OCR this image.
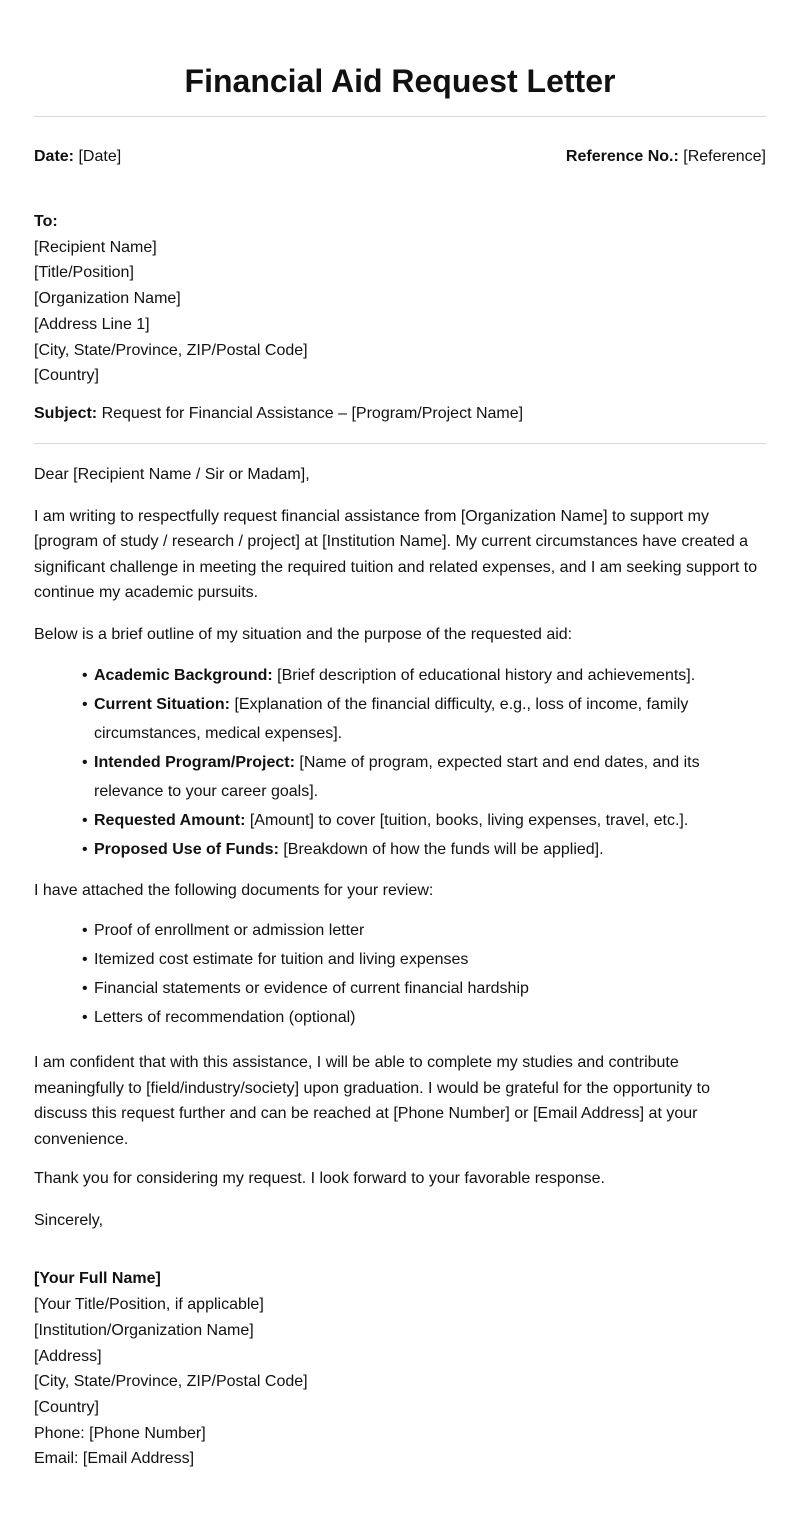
Financial Aid Request Letter
Date: [Date]	Reference No.: [Reference]
To:
[Recipient Name]
[Title/Position]
[Organization Name]
[Address Line 1]
[City, State/Province, ZIP/Postal Code]
[Country]
Subject: Request for Financial Assistance – [Program/Project Name]

Dear [Recipient Name / Sir or Madam],

I am writing to respectfully request financial assistance from [Organization Name] to support my [program of study / research / project] at [Institution Name]. My current circumstances have created a significant challenge in meeting the required tuition and related expenses, and I am seeking support to continue my academic pursuits.

Below is a brief outline of my situation and the purpose of the requested aid:

• Academic Background: [Brief description of educational history and achievements].
• Current Situation: [Explanation of the financial difficulty, e.g., loss of income, family circumstances, medical expenses].
• Intended Program/Project: [Name of program, expected start and end dates, and its relevance to your career goals].
• Requested Amount: [Amount] to cover [tuition, books, living expenses, travel, etc.].
• Proposed Use of Funds: [Breakdown of how the funds will be applied].

I have attached the following documents for your review:

• Proof of enrollment or admission letter
• Itemized cost estimate for tuition and living expenses
• Financial statements or evidence of current financial hardship
• Letters of recommendation (optional)

I am confident that with this assistance, I will be able to complete my studies and contribute meaningfully to [field/industry/society] upon graduation. I would be grateful for the opportunity to discuss this request further and can be reached at [Phone Number] or [Email Address] at your convenience.

Thank you for considering my request. I look forward to your favorable response.

Sincerely,

[Your Full Name]
[Your Title/Position, if applicable]
[Institution/Organization Name]
[Address]
[City, State/Province, ZIP/Postal Code]
[Country]
Phone: [Phone Number]
Email: [Email Address]
